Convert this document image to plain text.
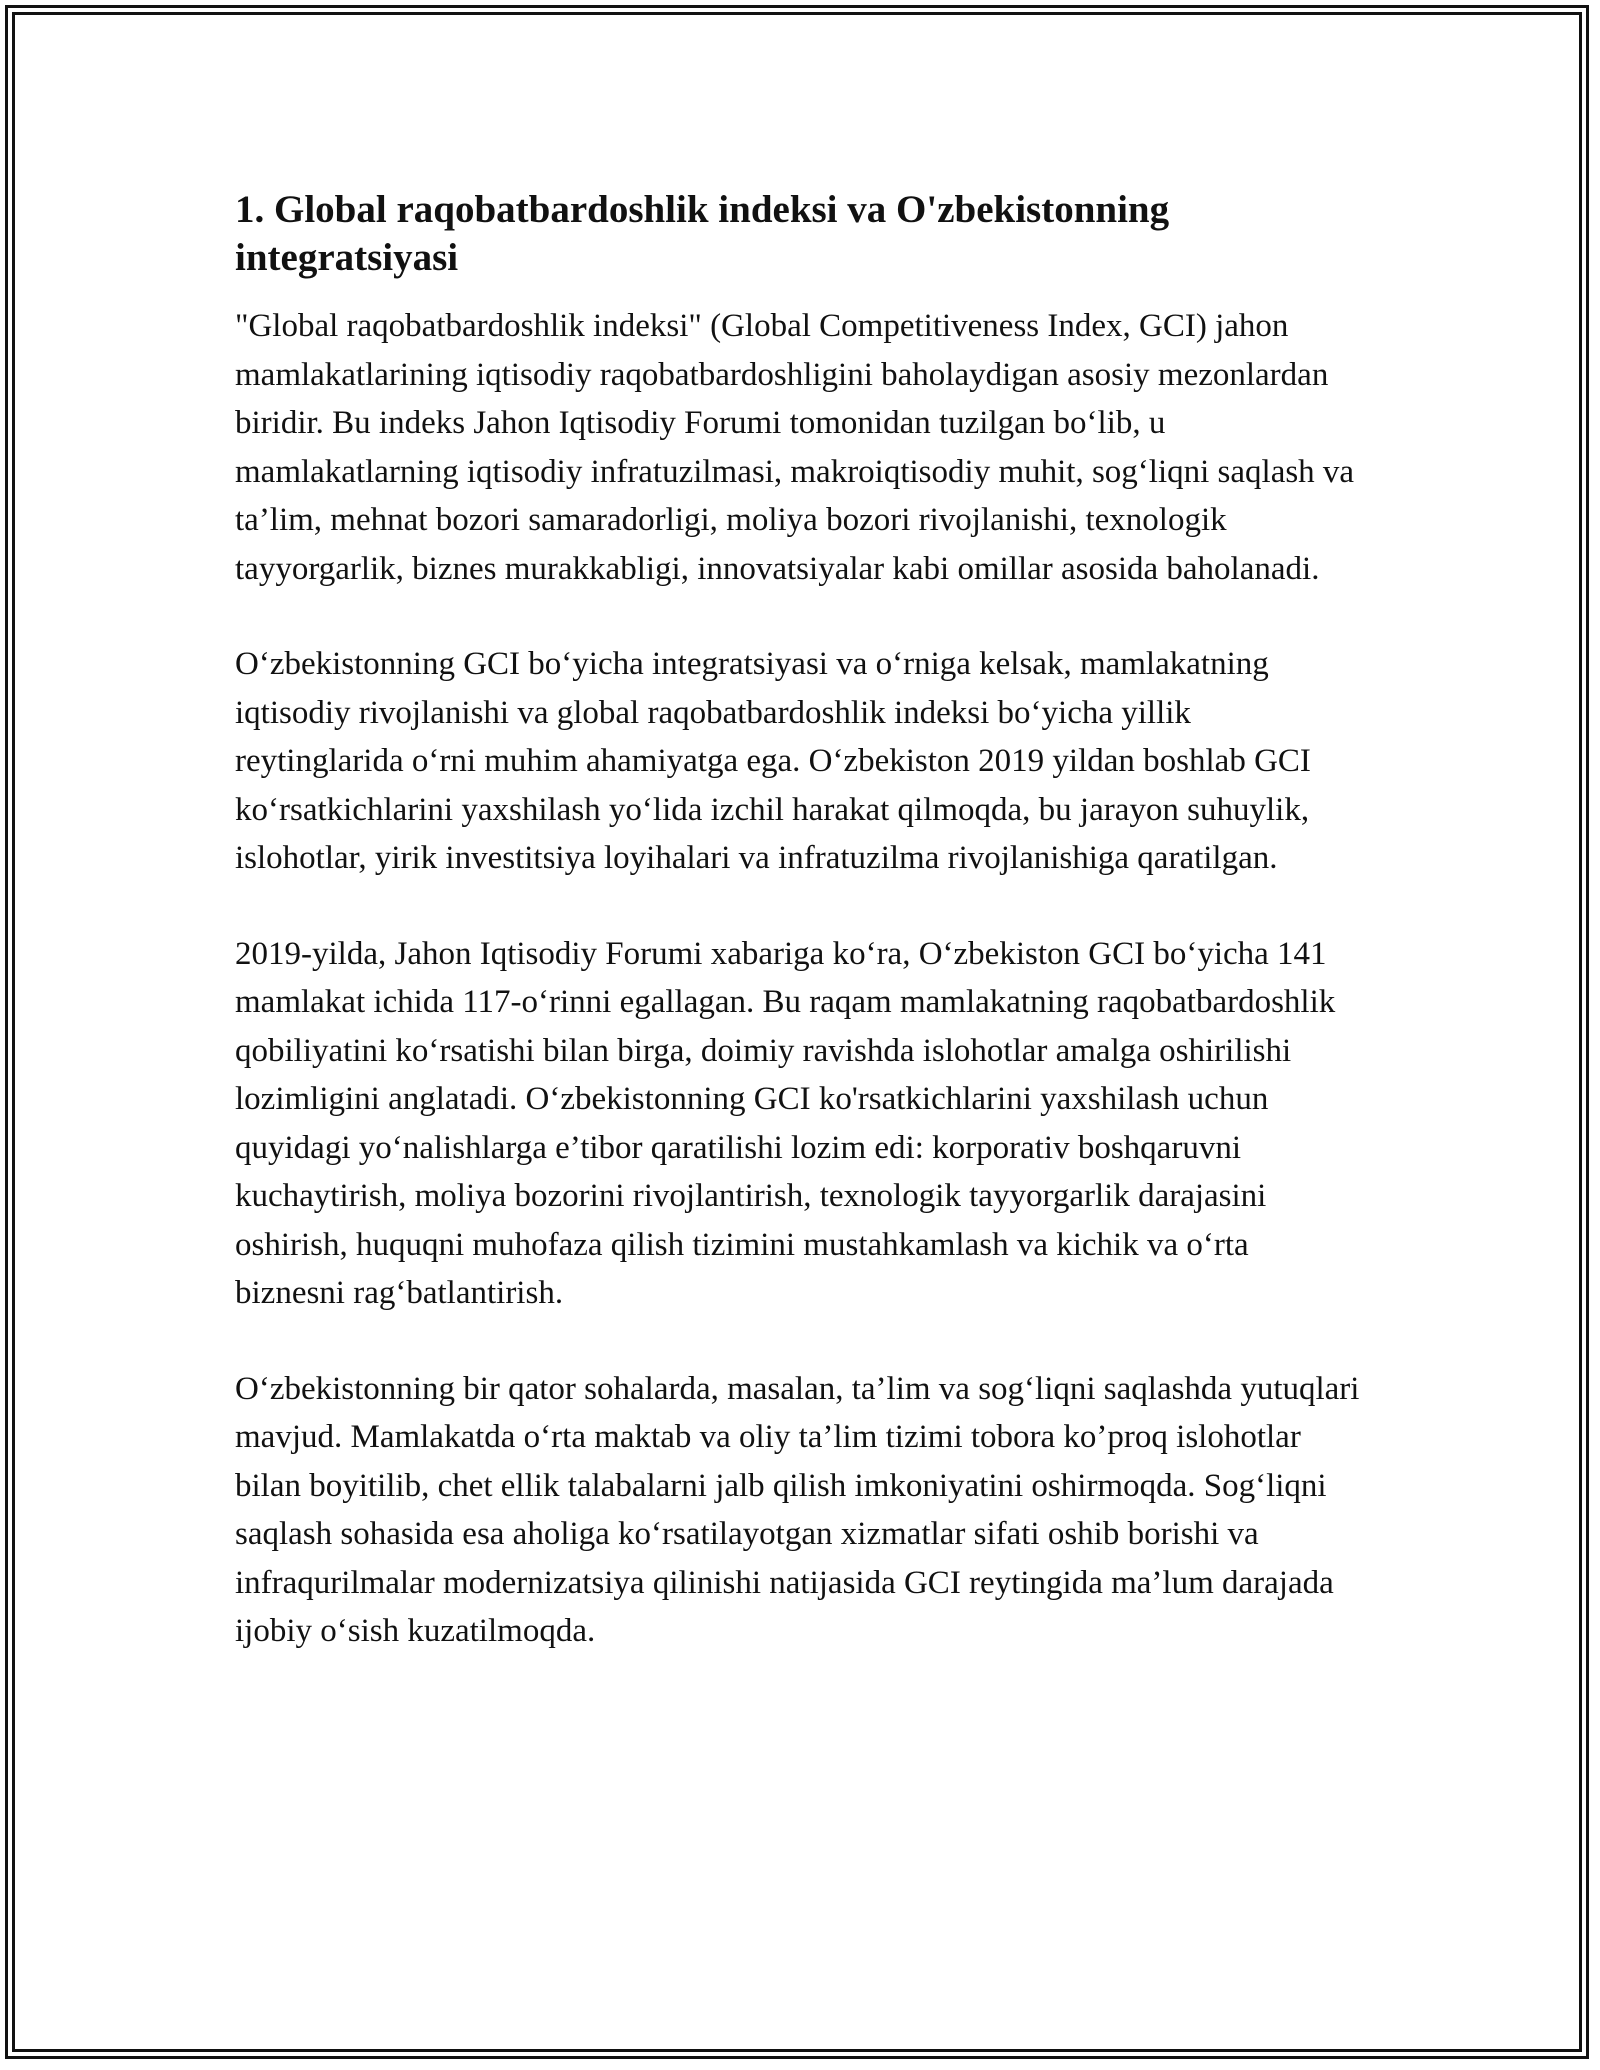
1. Global raqobatbardoshlik indeksi va O'zbekistonning integratsiyasi

"Global raqobatbardoshlik indeksi" (Global Competitiveness Index, GCI) jahon mamlakatlarining iqtisodiy raqobatbardoshligini baholaydigan asosiy mezonlardan biridir. Bu indeks Jahon Iqtisodiy Forumi tomonidan tuzilgan bo‘lib, u mamlakatlarning iqtisodiy infratuzilmasi, makroiqtisodiy muhit, sog‘liqni saqlash va ta’lim, mehnat bozori samaradorligi, moliya bozori rivojlanishi, texnologik tayyorgarlik, biznes murakkabligi, innovatsiyalar kabi omillar asosida baholanadi.

O‘zbekistonning GCI bo‘yicha integratsiyasi va o‘rniga kelsak, mamlakatning iqtisodiy rivojlanishi va global raqobatbardoshlik indeksi bo‘yicha yillik reytinglarida o‘rni muhim ahamiyatga ega. O‘zbekiston 2019 yildan boshlab GCI ko‘rsatkichlarini yaxshilash yo‘lida izchil harakat qilmoqda, bu jarayon suhuylik, islohotlar, yirik investitsiya loyihalari va infratuzilma rivojlanishiga qaratilgan.

2019-yilda, Jahon Iqtisodiy Forumi xabariga ko‘ra, O‘zbekiston GCI bo‘yicha 141 mamlakat ichida 117-o‘rinni egallagan. Bu raqam mamlakatning raqobatbardoshlik qobiliyatini ko‘rsatishi bilan birga, doimiy ravishda islohotlar amalga oshirilishi lozimligini anglatadi. O‘zbekistonning GCI ko'rsatkichlarini yaxshilash uchun quyidagi yo‘nalishlarga e’tibor qaratilishi lozim edi: korporativ boshqaruvni kuchaytirish, moliya bozorini rivojlantirish, texnologik tayyorgarlik darajasini oshirish, huquqni muhofaza qilish tizimini mustahkamlash va kichik va o‘rta biznesni rag‘batlantirish.

O‘zbekistonning bir qator sohalarda, masalan, ta’lim va sog‘liqni saqlashda yutuqlari mavjud. Mamlakatda o‘rta maktab va oliy ta’lim tizimi tobora ko’proq islohotlar bilan boyitilib, chet ellik talabalarni jalb qilish imkoniyatini oshirmoqda. Sog‘liqni saqlash sohasida esa aholiga ko‘rsatilayotgan xizmatlar sifati oshib borishi va infraqurilmalar modernizatsiya qilinishi natijasida GCI reytingida ma’lum darajada ijobiy o‘sish kuzatilmoqda.
